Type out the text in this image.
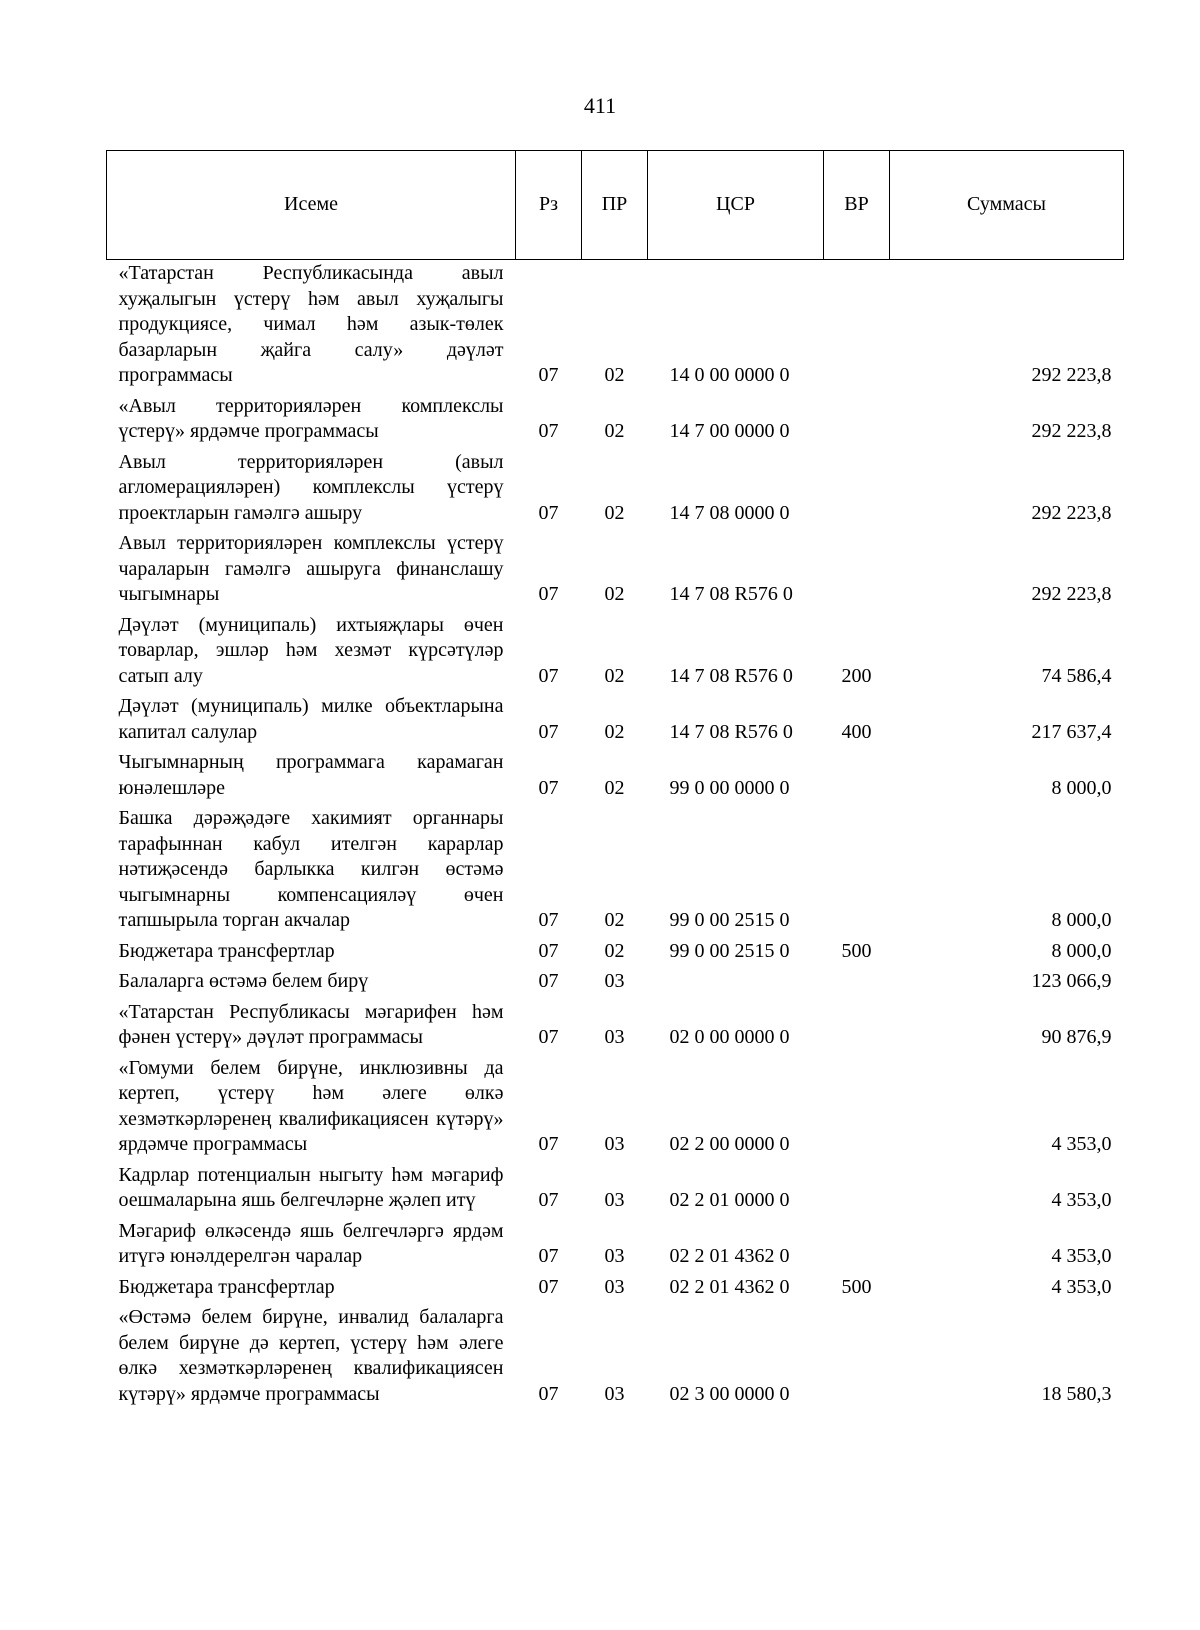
411
Исеме	Рз	ПР	ЦСР	ВР	Суммасы
«Татарстан Республикасында авыл хуҗалыгын үстерү һәм авыл хуҗалыгы продукциясе, чимал һәм азык-төлек базарларын җайга салу» дәүләт программасы	07	02	14 0 00 0000 0		292 223,8
«Авыл территорияләрен комплекслы үстерү» ярдәмче программасы	07	02	14 7 00 0000 0		292 223,8
Авыл территорияләрен (авыл агломерацияләрен) комплекслы үстерү проектларын гамәлгә ашыру	07	02	14 7 08 0000 0		292 223,8
Авыл территорияләрен комплекслы үстерү чараларын гамәлгә ашыруга финанслашу чыгымнары	07	02	14 7 08 R576 0		292 223,8
Дәүләт (муниципаль) ихтыяҗлары өчен товарлар, эшләр һәм хезмәт күрсәтүләр сатып алу	07	02	14 7 08 R576 0	200	74 586,4
Дәүләт (муниципаль) милке объектларына капитал салулар	07	02	14 7 08 R576 0	400	217 637,4
Чыгымнарның программага карамаган юнәлешләре	07	02	99 0 00 0000 0		8 000,0
Башка дәрәҗәдәге хакимият органнары тарафыннан кабул ителгән карарлар нәтиҗәсендә барлыкка килгән өстәмә чыгымнарны компенсацияләү өчен тапшырыла торган акчалар	07	02	99 0 00 2515 0		8 000,0
Бюджетара трансфертлар	07	02	99 0 00 2515 0	500	8 000,0
Балаларга өстәмә белем бирү	07	03			123 066,9
«Татарстан Республикасы мәгарифен һәм фәнен үстерү» дәүләт программасы	07	03	02 0 00 0000 0		90 876,9
«Гомуми белем бирүне, инклюзивны да кертеп, үстерү һәм әлеге өлкә хезмәткәрләренең квалификациясен күтәрү» ярдәмче программасы	07	03	02 2 00 0000 0		4 353,0
Кадрлар потенциалын ныгыту һәм мәгариф оешмаларына яшь белгечләрне җәлеп итү	07	03	02 2 01 0000 0		4 353,0
Мәгариф өлкәсендә яшь белгечләргә ярдәм итүгә юнәлдерелгән чаралар	07	03	02 2 01 4362 0		4 353,0
Бюджетара трансфертлар	07	03	02 2 01 4362 0	500	4 353,0
«Өстәмә белем бирүне, инвалид балаларга белем бирүне дә кертеп, үстерү һәм әлеге өлкә хезмәткәрләренең квалификациясен күтәрү» ярдәмче программасы	07	03	02 3 00 0000 0		18 580,3
